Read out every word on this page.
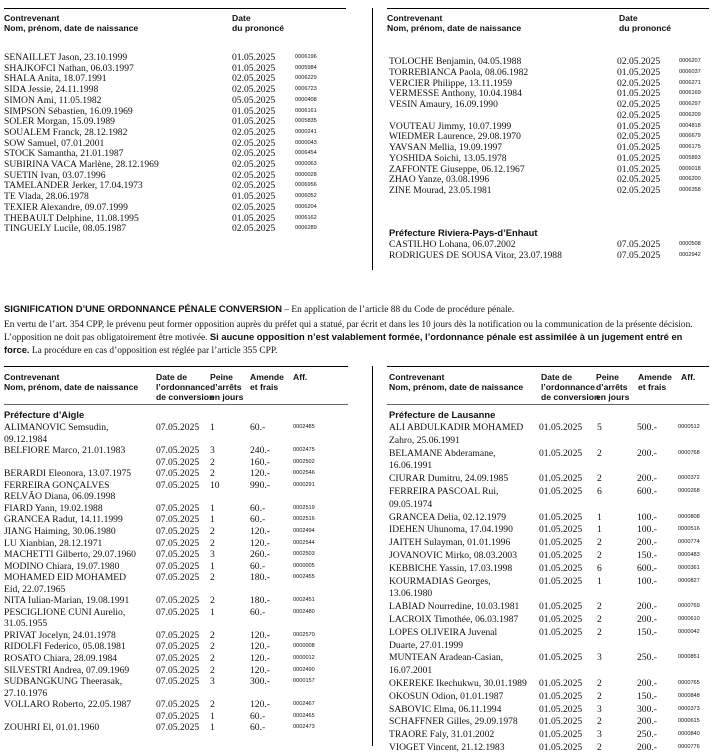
Contrevenant
Nom, prénom, date de naissance
Date
du prononcé
Contrevenant
Nom, prénom, date de naissance
Date
du prononcé
SENAILLET Jason, 23.10.1999	01.05.2025	0006196
SHAJKOFCI Nathan, 06.03.1997	01.05.2025	0005984
SHALA Anita, 18.07.1991	02.05.2025	0006229
SIDA Jessie, 24.11.1998	02.05.2025	0006723
SIMON Ami, 11.05.1982	05.05.2025	0000408
SIMPSON Sébastien, 16.09.1969	01.05.2025	0006161
SOLER Morgan, 15.09.1989	01.05.2025	0005835
SOUALEM Franck, 28.12.1982	02.05.2025	0000241
SOW Samuel, 07.01.2001	02.05.2025	0000043
STOCK Samantha, 21.01.1987	02.05.2025	0006454
SUBIRINA VACA Marlène, 28.12.1969	02.05.2025	0000063
SUETIN Ivan, 03.07.1996	02.05.2025	0000028
TAMELANDER Jerker, 17.04.1973	02.05.2025	0006956
TE Vlada, 28.06.1978	01.05.2025	0006052
TEXIER Alexandre, 09.07.1999	02.05.2025	0006204
THEBAULT Delphine, 11.08.1995	01.05.2025	0006162
TINGUELY Lucile, 08.05.1987	02.05.2025	0006289
TOLOCHE Benjamin, 04.05.1988	02.05.2025	0006207
TORREBIANCA Paola, 08.06.1982	01.05.2025	0006037
VERCIER Philippe, 13.11.1959	02.05.2025	0006271
VERMESSE Anthony, 10.04.1984	01.05.2025	0006169
VESIN Amaury, 16.09.1990	02.05.2025	0006297
02.05.2025	0006209
VOUTEAU Jimmy, 10.07.1999	01.05.2025	0004818
WIEDMER Laurence, 29.08.1970	02.05.2025	0006679
YAVSAN Mellia, 19.09.1997	01.05.2025	0006175
YOSHIDA Soichi, 13.05.1978	01.05.2025	0005893
ZAFFONTE Giuseppe, 06.12.1967	01.05.2025	0006018
ZHAO Yanze, 03.08.1996	02.05.2025	0006200
ZINE Mourad, 23.05.1981	02.05.2025	0006358
Préfecture Riviera-Pays-d’Enhaut
CASTILHO Lohana, 06.07.2002	07.05.2025	0000508
RODRIGUES DE SOUSA Vitor, 23.07.1988	07.05.2025	0002942
SIGNIFICATION D’UNE ORDONNANCE PÉNALE CONVERSION – En application de l’article 88 du Code de procédure pénale.
En vertu de l’art. 354 CPP, le prévenu peut former opposition auprès du préfet qui a statué, par écrit et dans les 10 jours dès la notification ou la communication de la présente décision. L’opposition ne doit pas obligatoirement être motivée. Si aucune opposition n’est valablement formée, l’ordonnance pénale est assimilée à un jugement entré en force. La procédure en cas d’opposition est réglée par l’article 355 CPP.
Contrevenant
Nom, prénom, date de naissance
Date de
l’ordonnance
de conversion
Peine
d’arrêts
en jours
Amende
et frais
Aff.	Contrevenant
Nom, prénom, date de naissance
Date de
l’ordonnance
de conversion
Peine
d’arrêts
en jours
Amende
et frais
Aff.
Préfecture d’Aigle	Préfecture de Lausanne
ALIMANOVIC Semsudin,	07.05.2025 1	60.-	0002485
09.12.1984
BELFIORE Marco, 21.01.1983	07.05.2025 3	240.-	0002475
07.05.2025 2	160.-	0002502
BERARDI Eleonora, 13.07.1975	07.05.2025 2	120.-	0002546
FERREIRA GONÇALVES	07.05.2025 10	990.-	0000291
RELVÃO Diana, 06.09.1998
FIARD Yann, 19.02.1988	07.05.2025 1	60.-	0002519
GRANCEA Radut, 14.11.1999	07.05.2025 1	60.-	0002516
JIANG Haiming, 30.06.1980	07.05.2025 2	120.-	0002494
LU Xianbian, 28.12.1971	07.05.2025 2	120.-	0002544
MACHETTI Gilberto, 29.07.1960 07.05.2025 3	260.-	0002503
MODINO Chiara, 19.07.1980	07.05.2025 1	60.-	0000005
MOHAMED EID MOHAMED	07.05.2025 2	180.-	0002455
Eid, 22.07.1965
NITA Iulian-Marian, 19.08.1991	07.05.2025 2	180.-	0002451
PESCIGLIONE CUNI Aurelio,	07.05.2025 1	60.-	0002480
31.05.1955
PRIVAT Jocelyn, 24.01.1978	07.05.2025 2	120.-	0002570
RIDOLFI Federico, 05.08.1981	07.05.2025 2	120.-	0000008
ROSATO Chiara, 28.09.1984	07.05.2025 2	120.-	0000012
SILVESTRI Andrea, 07.09.1969	07.05.2025 2	120.-	0002490
SUDBANGKUNG Theerasak,	07.05.2025 3	300.-	0000157
27.10.1976
VOLLARO Roberto, 22.05.1987	07.05.2025 2	120.-	0002467
07.05.2025 1	60.-	0002465
ZOUHRI El, 01.01.1960	07.05.2025 1	60.-	0002473
ALI ABDULKADIR MOHAMED 01.05.2025 5	500.-	0000512
Zahro, 25.06.1991
BELAMANE Abderamane,	01.05.2025 2	200.-	0000768
16.06.1991
CIURAR Dumitru, 24.09.1985	01.05.2025 2	200.-	0000372
FERREIRA PASCOAL Rui,	01.05.2025 6	600.-	0000268
09.05.1974
GRANCEA Delia, 02.12.1979	01.05.2025 1	100.-	0000808
IDEHEN Uhunoma, 17.04.1990	01.05.2025 1	100.-	0000516
JAITEH Sulayman, 01.01.1996	01.05.2025 2	200.-	0000774
JOVANOVIC Mirko, 08.03.2003 01.05.2025 2	150.-	0000483
KEBBICHE Yassin, 17.03.1998	01.05.2025 6	600.-	0000361
KOURMADIAS Georges,	01.05.2025 1	100.-	0000827
13.06.1980
LABIAD Nourredine, 10.03.1981 01.05.2025 2	200.-	0000769
LACROIX Timothée, 06.03.1987 01.05.2025 2	200.-	0000610
LOPES OLIVEIRA Juvenal	01.05.2025 2	150.-	0000042
Duarte, 27.01.1999
MUNTEAN Aradean-Casian,	01.05.2025 3	250.-	0000851
16.07.2001
OKEREKE Ikechukwu, 30.01.1989 01.05.2025 2	200.-	0000765
OKOSUN Odion, 01.01.1987	01.05.2025 2	150.-	0000848
SABOVIC Elma, 06.11.1994	01.05.2025 3	300.-	0000373
SCHAFFNER Gilles, 29.09.1978 01.05.2025 2	200.-	0000615
TRAORE Faly, 31.01.2002	01.05.2025 3	250.-	0000840
VIOGET Vincent, 21.12.1983	01.05.2025 2	200.-	0000776
